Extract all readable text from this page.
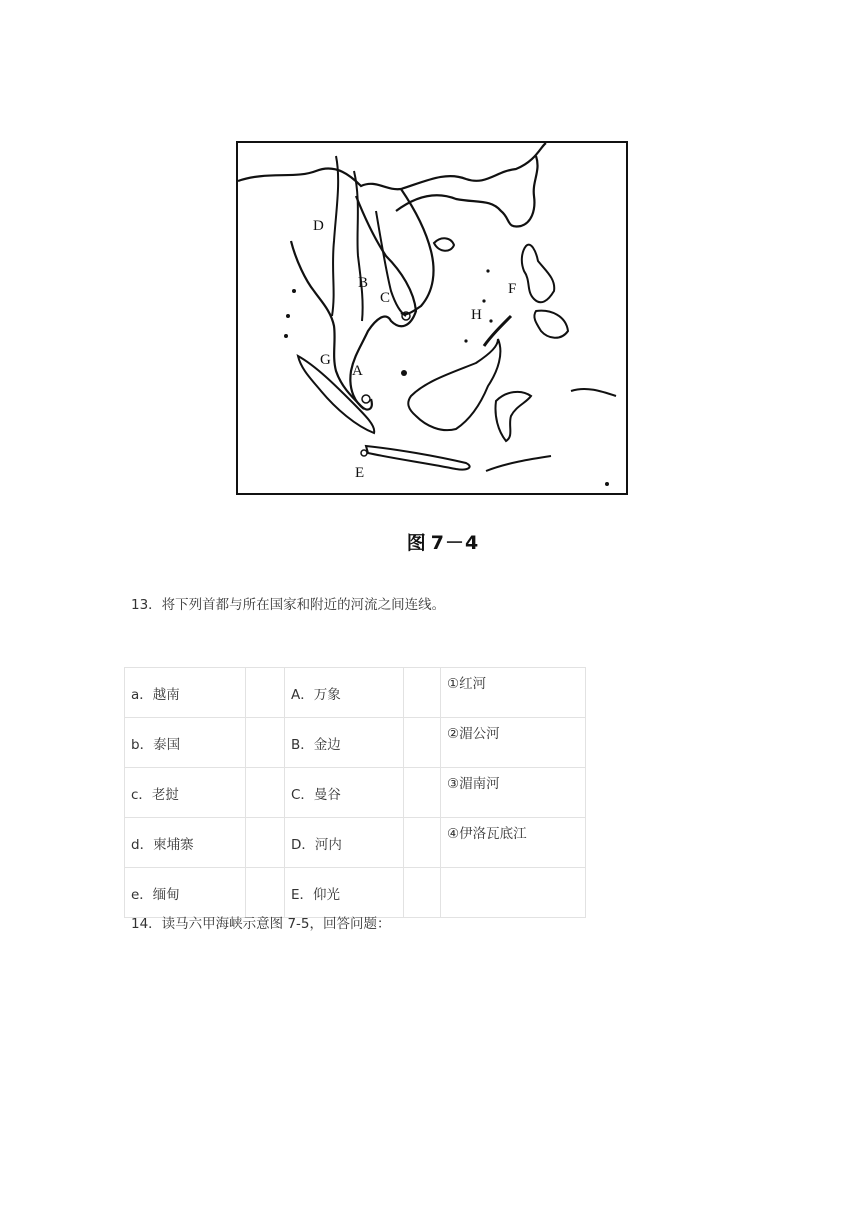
A
B
C
D
E
F
G
H
图 7－4
13．将下列首都与所在国家和附近的河流之间连线。
a．越南		A．万象		①红河
b．泰国		B．金边		②湄公河
c．老挝		C．曼谷		③湄南河
d．柬埔寨		D．河内		④伊洛瓦底江
e．缅甸		E．仰光		
14．读马六甲海峡示意图 7-5，回答问题：
